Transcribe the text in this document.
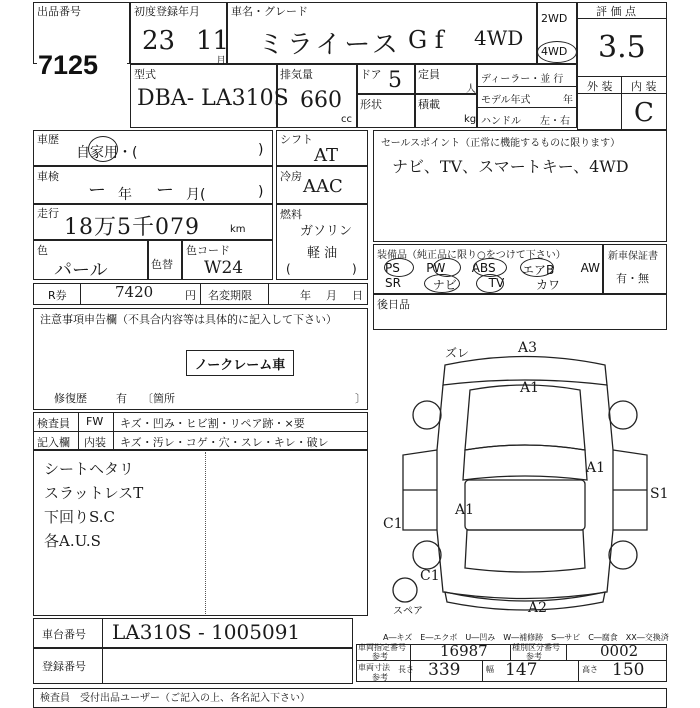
出品番号
7125
初度登録年月
23 11
月
車名・グレード
ミライース G f 4WD
2WD
4WD
評 価 点
3.5
外 装 内 装
C
型式
DBA- LA310S
排気量
660
cc
ドア 5 定員
人
形状	積載
kg
ディーラー・並 行
モデル年式	年
ハンドル 左・右
車歴
自家用・(	)
シフト
AT
セールスポイント（正常に機能するものに限ります）
ナビ、TV、スマートキー、4WD
車検
ー 年 ー 月(	)
冷房 AAC
走行
18万5千079	km
燃料
ガソリン
軽 油
(	)
色
パール	色替
色コード
W24
装備品（純正品に限り○をつけて下さい）
PS PW ABS エアB AW
SR	ナビ	TV	カワ
新車保証書
有・無
R券	7420	円 名変期限	年 月 日
後日品
注意事項申告欄（不具合内容等は具体的に記入して下さい）
ノークレーム車
修復歴	有 〔箇所	〕
検査員 FW キズ・凹み・ヒビ割・リペア跡・×要
記入欄 内装 キズ・汚レ・コゲ・穴・スレ・キレ・破レ
シートヘタリ
スラットレスT
下回りS.C
各A.U.S
車台番号 LA310S - 1005091
登録番号
A―キズ　E―エクボ　U―凹み　W―補修跡　S―サビ　C―腐食　XX―交換済
車両指定番号
参考	16987	種別区分番号
参考	0002
車両寸法
参考
長さ 339	幅 147	高さ 150
検査員　受付出品ユーザー（ご記入の上、各名記入下さい）
ズレ	A3
A1
A1
A1
S1
C1
C1
A2
スペア
